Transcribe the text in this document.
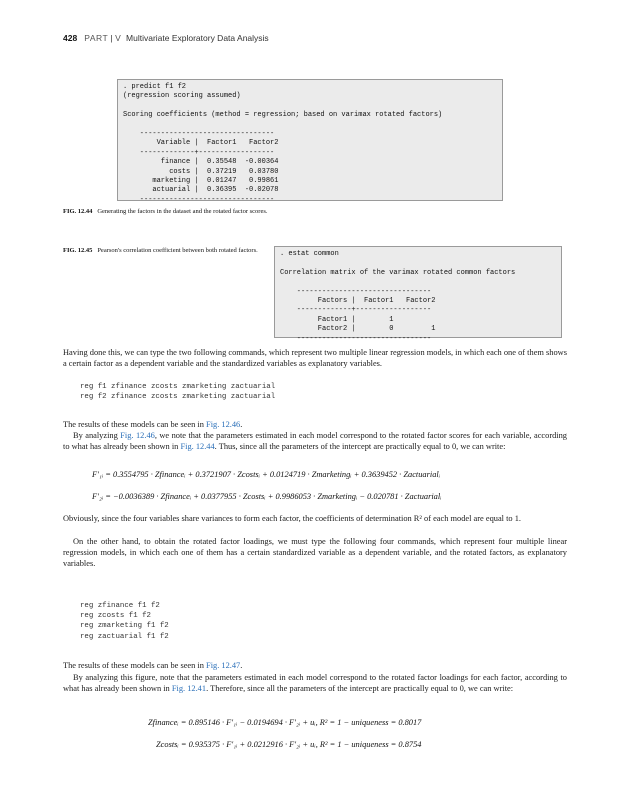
428 PART | V Multivariate Exploratory Data Analysis
. predict f1 f2
(regression scoring assumed)

Scoring coefficients (method = regression; based on varimax rotated factors)

--------------------------------
Variable |  Factor1   Factor2
-------------+------------------
finance |  0.35548  -0.00364
costs |  0.37219   0.03780
marketing |  0.01247   0.99861
actuarial |  0.36395  -0.02078
--------------------------------
FIG. 12.44 Generating the factors in the dataset and the rotated factor scores.
FIG. 12.45 Pearson's correlation coefficient between both rotated factors.	. estat common

Correlation matrix of the varimax rotated common factors

--------------------------------
Factors |  Factor1   Factor2
-------------+------------------
Factor1 |        1
Factor2 |        0         1
--------------------------------
Having done this, we can type the two following commands, which represent two multiple linear regression models, in which each one of them shows a certain factor as a dependent variable and the standardized variables as explanatory variables.
reg f1 zfinance zcosts zmarketing zactuarial
reg f2 zfinance zcosts zmarketing zactuarial
The results of these models can be seen in Fig. 12.46.
By analyzing Fig. 12.46, we note that the parameters estimated in each model correspond to the rotated factor scores for each variable, according to what has already been shown in Fig. 12.44. Thus, since all the parameters of the intercept are practically equal to 0, we can write:
F′₁ᵢ = 0.3554795 · Zfinanceᵢ + 0.3721907 · Zcostsᵢ + 0.0124719 · Zmarketingᵢ + 0.3639452 · Zactuarialᵢ
F′₂ᵢ = −0.0036389 · Zfinanceᵢ + 0.0377955 · Zcostsᵢ + 0.9986053 · Zmarketingᵢ − 0.020781 · Zactuarialᵢ
Obviously, since the four variables share variances to form each factor, the coefficients of determination R² of each model are equal to 1.
On the other hand, to obtain the rotated factor loadings, we must type the following four commands, which represent four multiple linear regression models, in which each one of them has a certain standardized variable as a dependent variable, and the rotated factors, as explanatory variables.
reg zfinance f1 f2
reg zcosts f1 f2
reg zmarketing f1 f2
reg zactuarial f1 f2
The results of these models can be seen in Fig. 12.47.
By analyzing this figure, note that the parameters estimated in each model correspond to the rotated factor loadings for each factor, according to what has already been shown in Fig. 12.41. Therefore, since all the parameters of the intercept are practically equal to 0, we can write:
Zfinanceᵢ = 0.895146 · F′₁ᵢ − 0.0194694 · F′₂ᵢ + uᵢ, R² = 1 − uniqueness = 0.8017
Zcostsᵢ = 0.935375 · F′₁ᵢ + 0.0212916 · F′₂ᵢ + uᵢ, R² = 1 − uniqueness = 0.8754
